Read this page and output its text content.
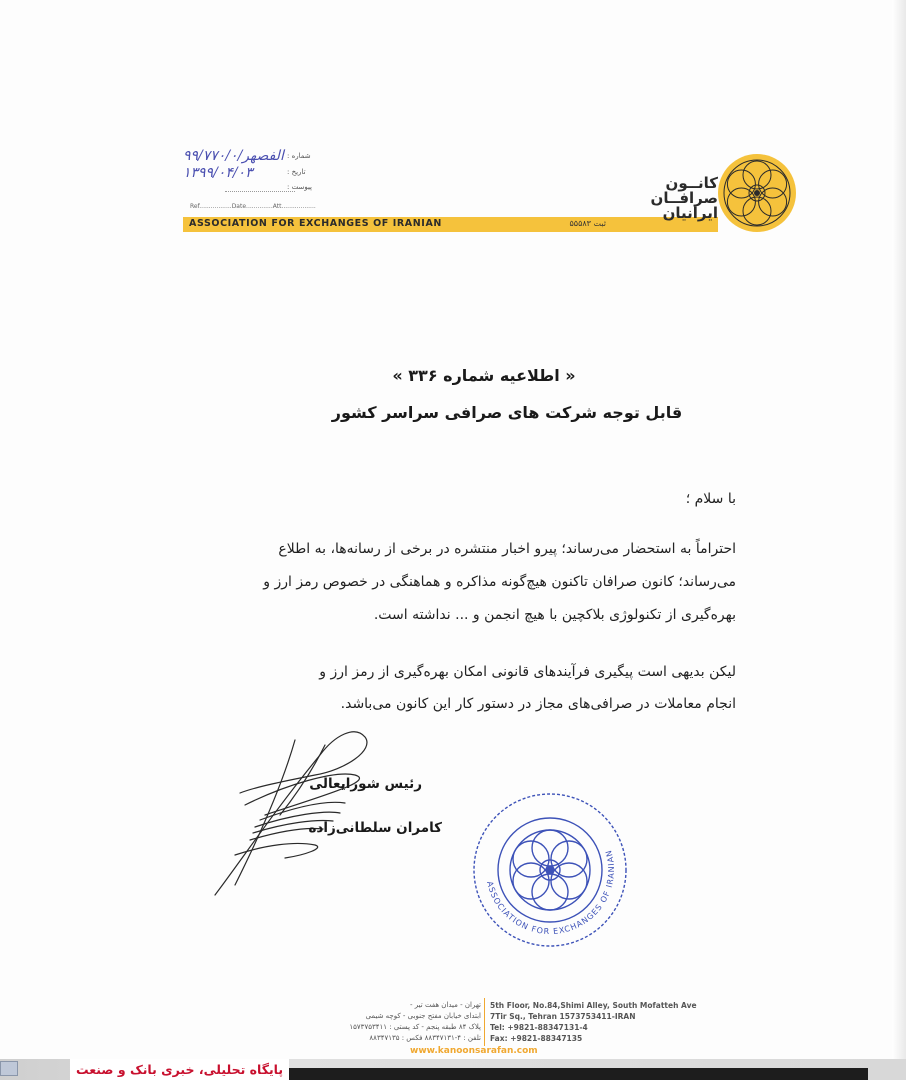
۹۹/الفصهر/۷۷۰/۰
۱۳۹۹/۰۴/۰۳
شماره :
تاریخ :
پیوست :
Ref.................Date..............Att..................
ASSOCIATION FOR EXCHANGES OF IRANIAN	ثبت ۵۵۵۸۳
کانــون
صرافــان
ایرانیان
« اطلاعیه شماره ۳۳۶ »
قابل توجه شرکت های صرافی سراسر کشور
با سلام ؛
احتراماً به استحضار می‌رساند؛ پیرو اخبار منتشره در برخی از رسانه‌ها، به اطلاع
می‌رساند؛ کانون صرافان تاکنون هیچ‌گونه مذاکره و هماهنگی در خصوص رمز ارز و
بهره‌گیری از تکنولوژی بلاکچین با هیچ انجمن و ... نداشته است.
لیکن بدیهی است پیگیری فرآیندهای قانونی امکان بهره‌گیری از رمز ارز و
انجام معاملات در صرافی‌های مجاز در دستور کار این کانون می‌باشد.
رئیس شورایعالی
کامران سلطانی‌زاده
ASSOCIATION FOR EXCHANGES OF IRANIAN
تهران - میدان هفت تیر -
ابتدای خیابان مفتح جنوبی - کوچه شیمی
پلاک ۸۴ طبقه پنجم - کد پستی : ۱۵۷۳۷۵۳۴۱۱
تلفن : ۴-۸۸۳۴۷۱۳۱ فکس : ۸۸۳۴۷۱۳۵
5th Floor, No.84,Shimi Alley, South Mofatteh Ave
7Tir Sq., Tehran 1573753411-IRAN
Tel: +9821-88347131-4
Fax: +9821-88347135
www.kanoonsarafan.com
پایگاه تحلیلی، خبری بانک و صنعت
